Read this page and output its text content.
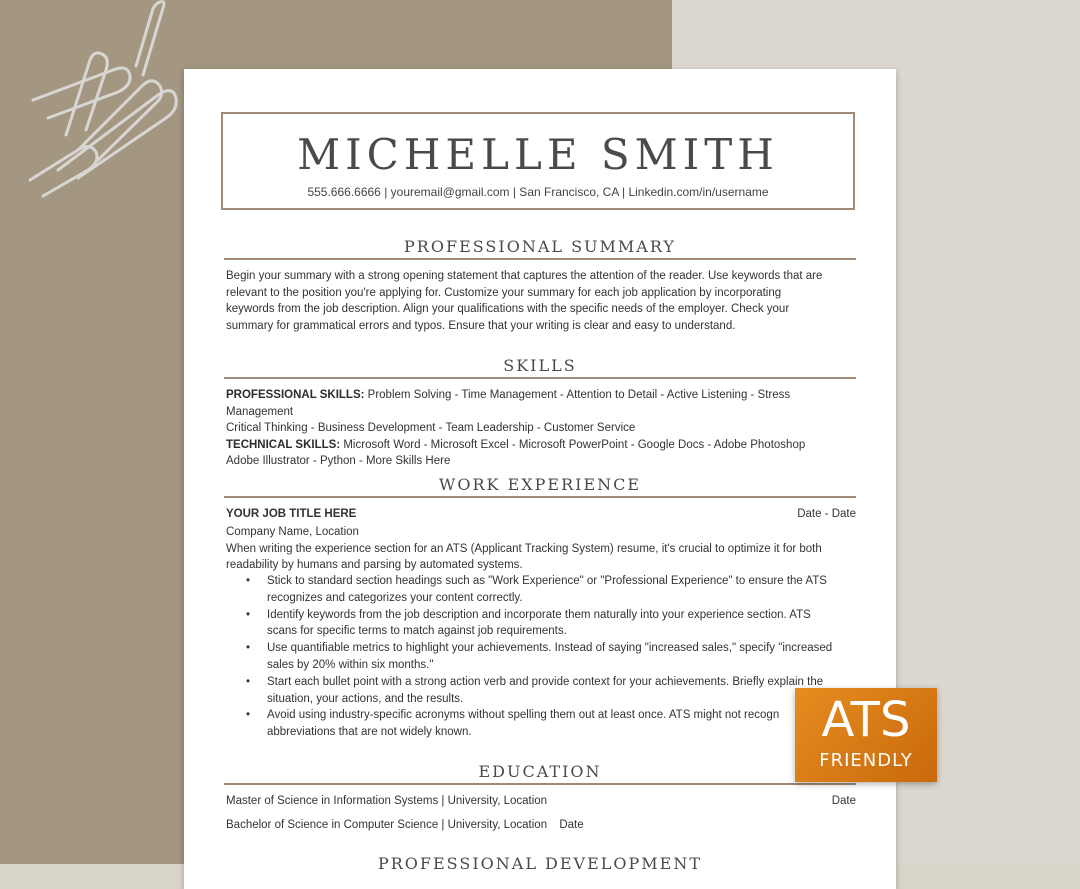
MICHELLE SMITH
555.666.6666 | youremail@gmail.com | San Francisco, CA | Linkedin.com/in/username
PROFESSIONAL SUMMARY
Begin your summary with a strong opening statement that captures the attention of the reader. Use keywords that are
relevant to the position you're applying for. Customize your summary for each job application by incorporating
keywords from the job description. Align your qualifications with the specific needs of the employer. Check your
summary for grammatical errors and typos. Ensure that your writing is clear and easy to understand.
SKILLS
PROFESSIONAL SKILLS: Problem Solving - Time Management - Attention to Detail - Active Listening - Stress Management
Critical Thinking - Business Development - Team Leadership - Customer Service
TECHNICAL SKILLS: Microsoft Word - Microsoft Excel - Microsoft PowerPoint - Google Docs - Adobe Photoshop
Adobe Illustrator - Python - More Skills Here
WORK EXPERIENCE
YOUR JOB TITLE HERE	Date - Date
Company Name, Location
When writing the experience section for an ATS (Applicant Tracking System) resume, it's crucial to optimize it for both
readability by humans and parsing by automated systems.
• Stick to standard section headings such as "Work Experience" or "Professional Experience" to ensure the ATS
recognizes and categorizes your content correctly.
• Identify keywords from the job description and incorporate them naturally into your experience section. ATS
scans for specific terms to match against job requirements.
• Use quantifiable metrics to highlight your achievements. Instead of saying "increased sales," specify "increased
sales by 20% within six months."
• Start each bullet point with a strong action verb and provide context for your achievements. Briefly explain the
situation, your actions, and the results.
• Avoid using industry-specific acronyms without spelling them out at least once. ATS might not recogn
abbreviations that are not widely known.
EDUCATION
Master of Science in Information Systems | University, Location	Date
Bachelor of Science in Computer Science | University, Location Date
PROFESSIONAL DEVELOPMENT
ATS
FRIENDLY
